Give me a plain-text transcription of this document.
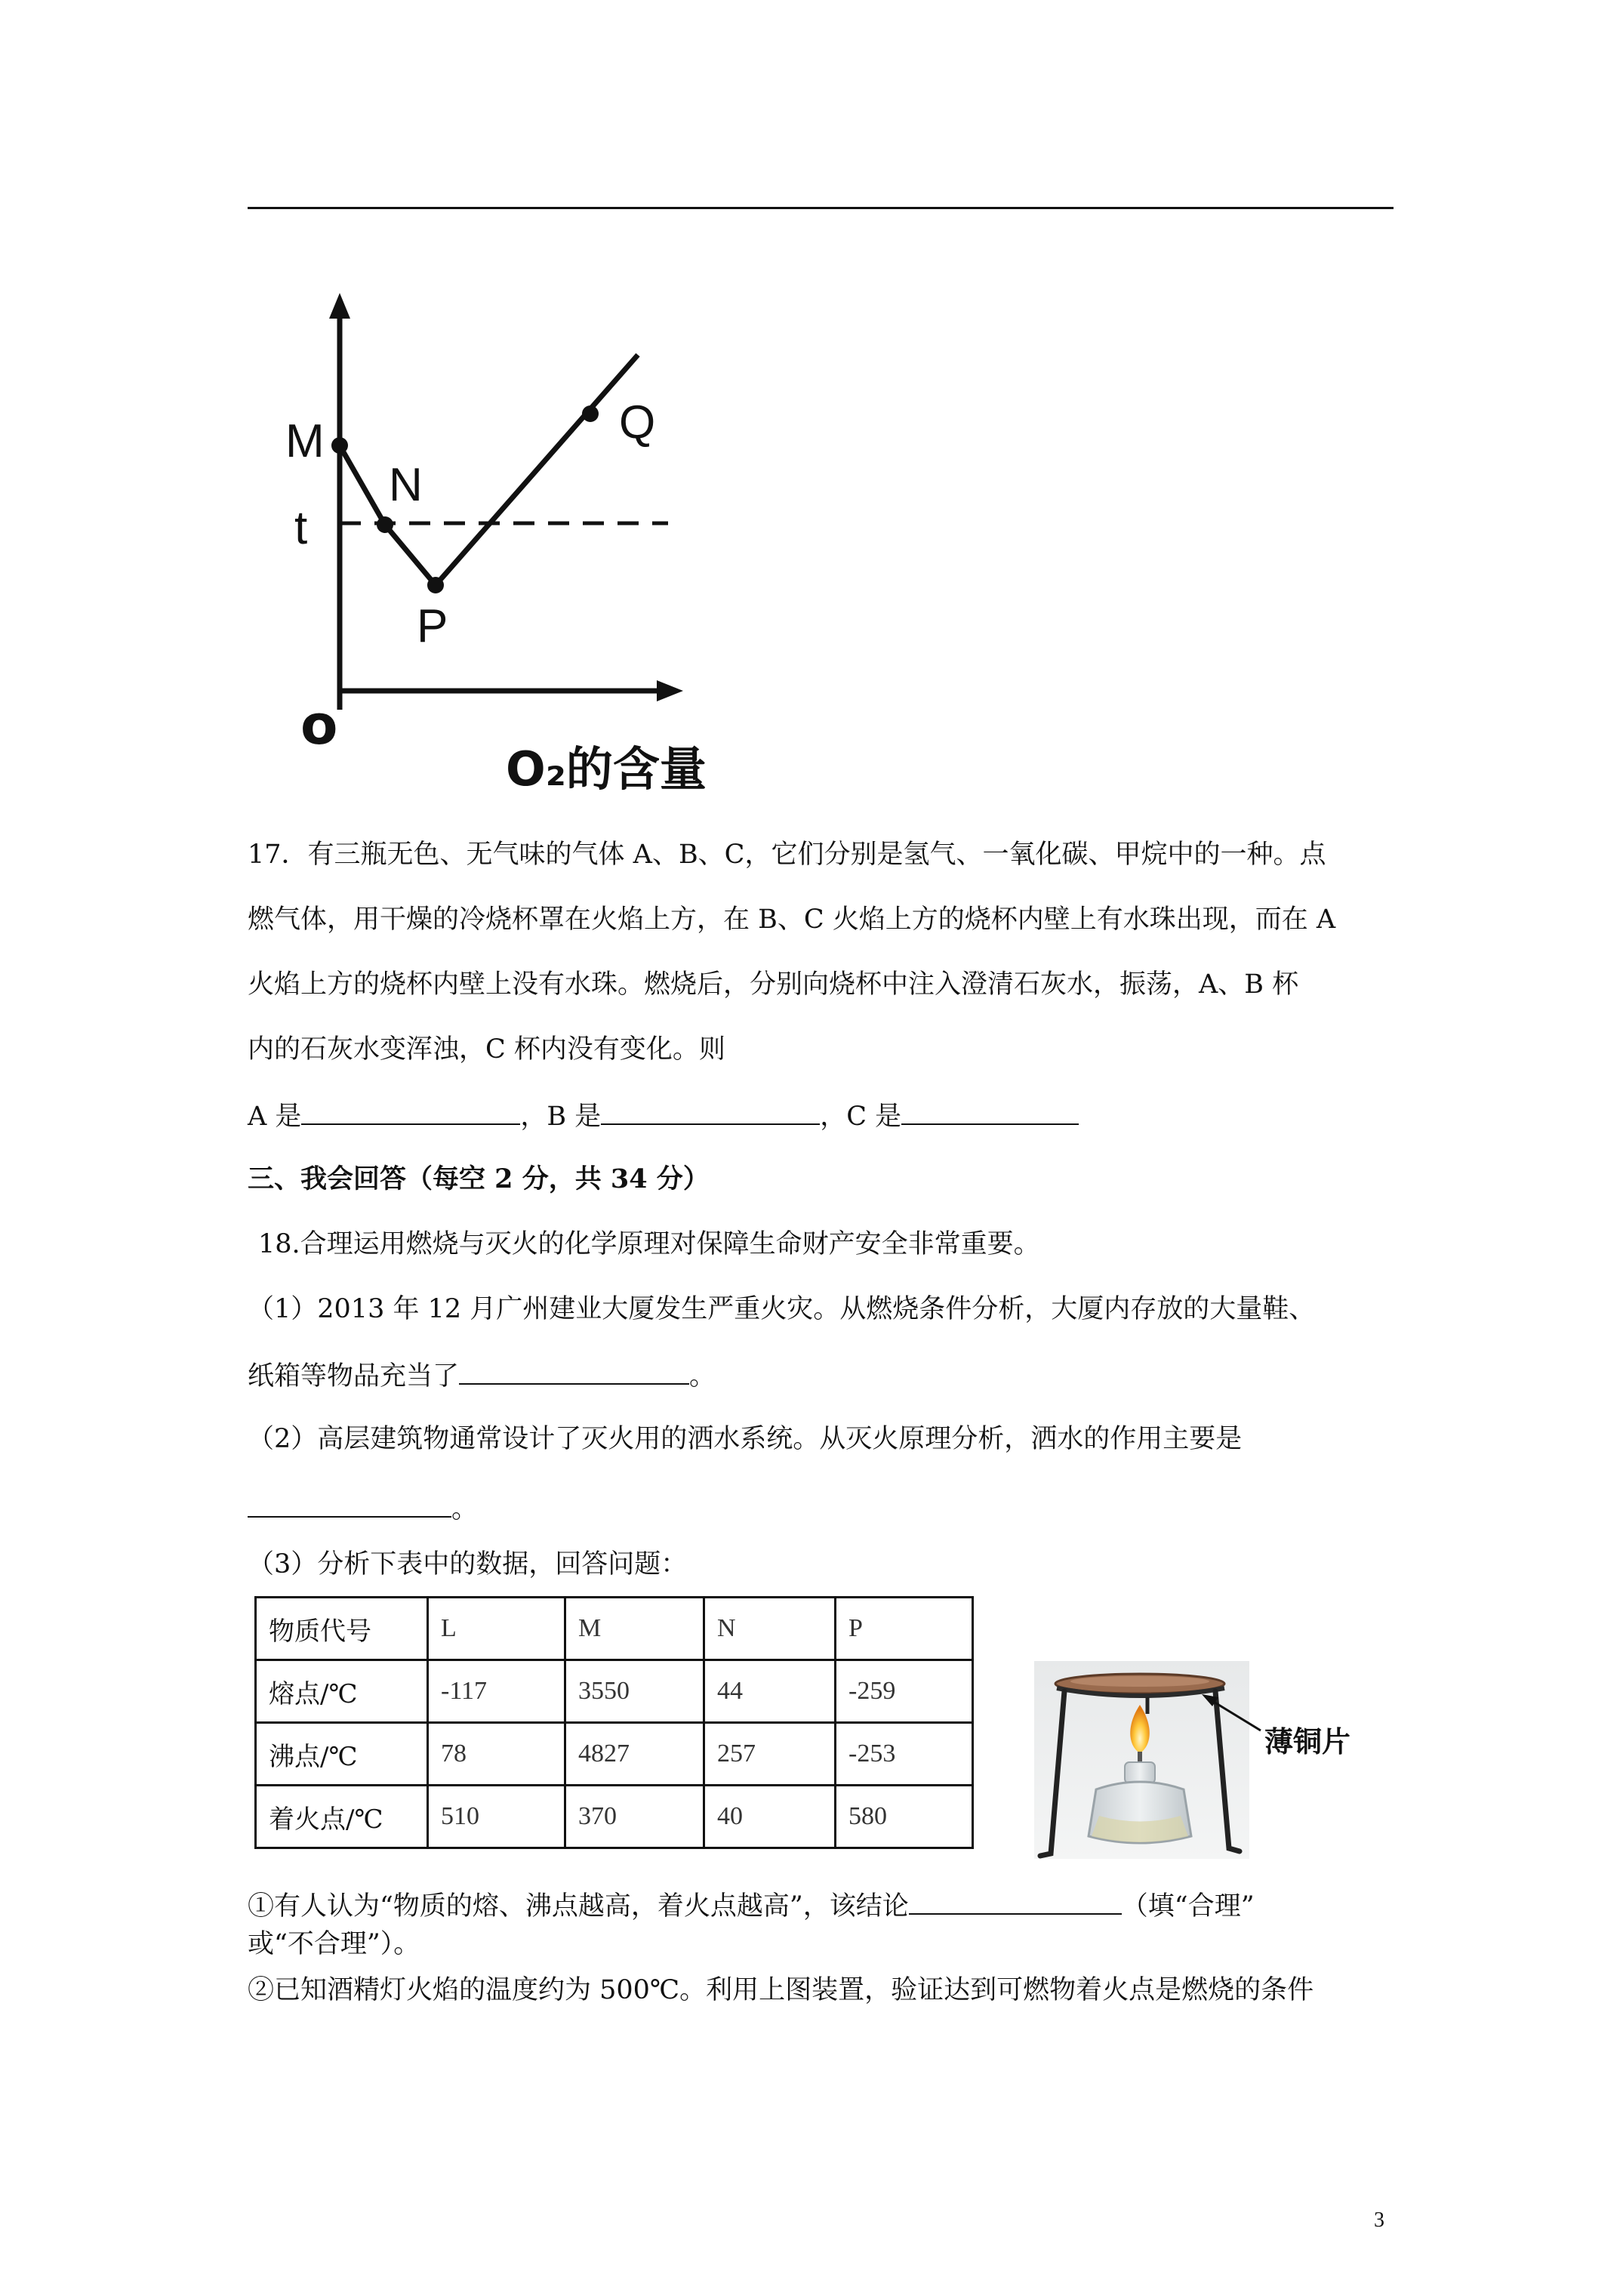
M
N
t
P
Q
o
O₂的含量
17．有三瓶无色、无气味的气体 A、B、C，它们分别是氢气、一氧化碳、甲烷中的一种。点
燃气体，用干燥的冷烧杯罩在火焰上方，在 B、C 火焰上方的烧杯内壁上有水珠出现，而在 A
火焰上方的烧杯内壁上没有水珠。燃烧后，分别向烧杯中注入澄清石灰水，振荡，A、B 杯
内的石灰水变浑浊，C 杯内没有变化。则
A 是	，B 是	，C 是
三、我会回答（每空 2 分，共 34 分）
18.合理运用燃烧与灭火的化学原理对保障生命财产安全非常重要。
（1）2013 年 12 月广州建业大厦发生严重火灾。从燃烧条件分析，大厦内存放的大量鞋、
纸箱等物品充当了	。
（2）高层建筑物通常设计了灭火用的洒水系统。从灭火原理分析，洒水的作用主要是
。
（3）分析下表中的数据，回答问题：
物质代号	L	M	N	P
熔点/℃	-117	3550	44	-259
沸点/℃	78	4827	257	-253
着火点/℃	510	370	40	580
薄铜片
①有人认为“物质的熔、沸点越高，着火点越高”，该结论	（填“合理”
或“不合理”）。
②已知酒精灯火焰的温度约为 500℃。利用上图装置，验证达到可燃物着火点是燃烧的条件
3
